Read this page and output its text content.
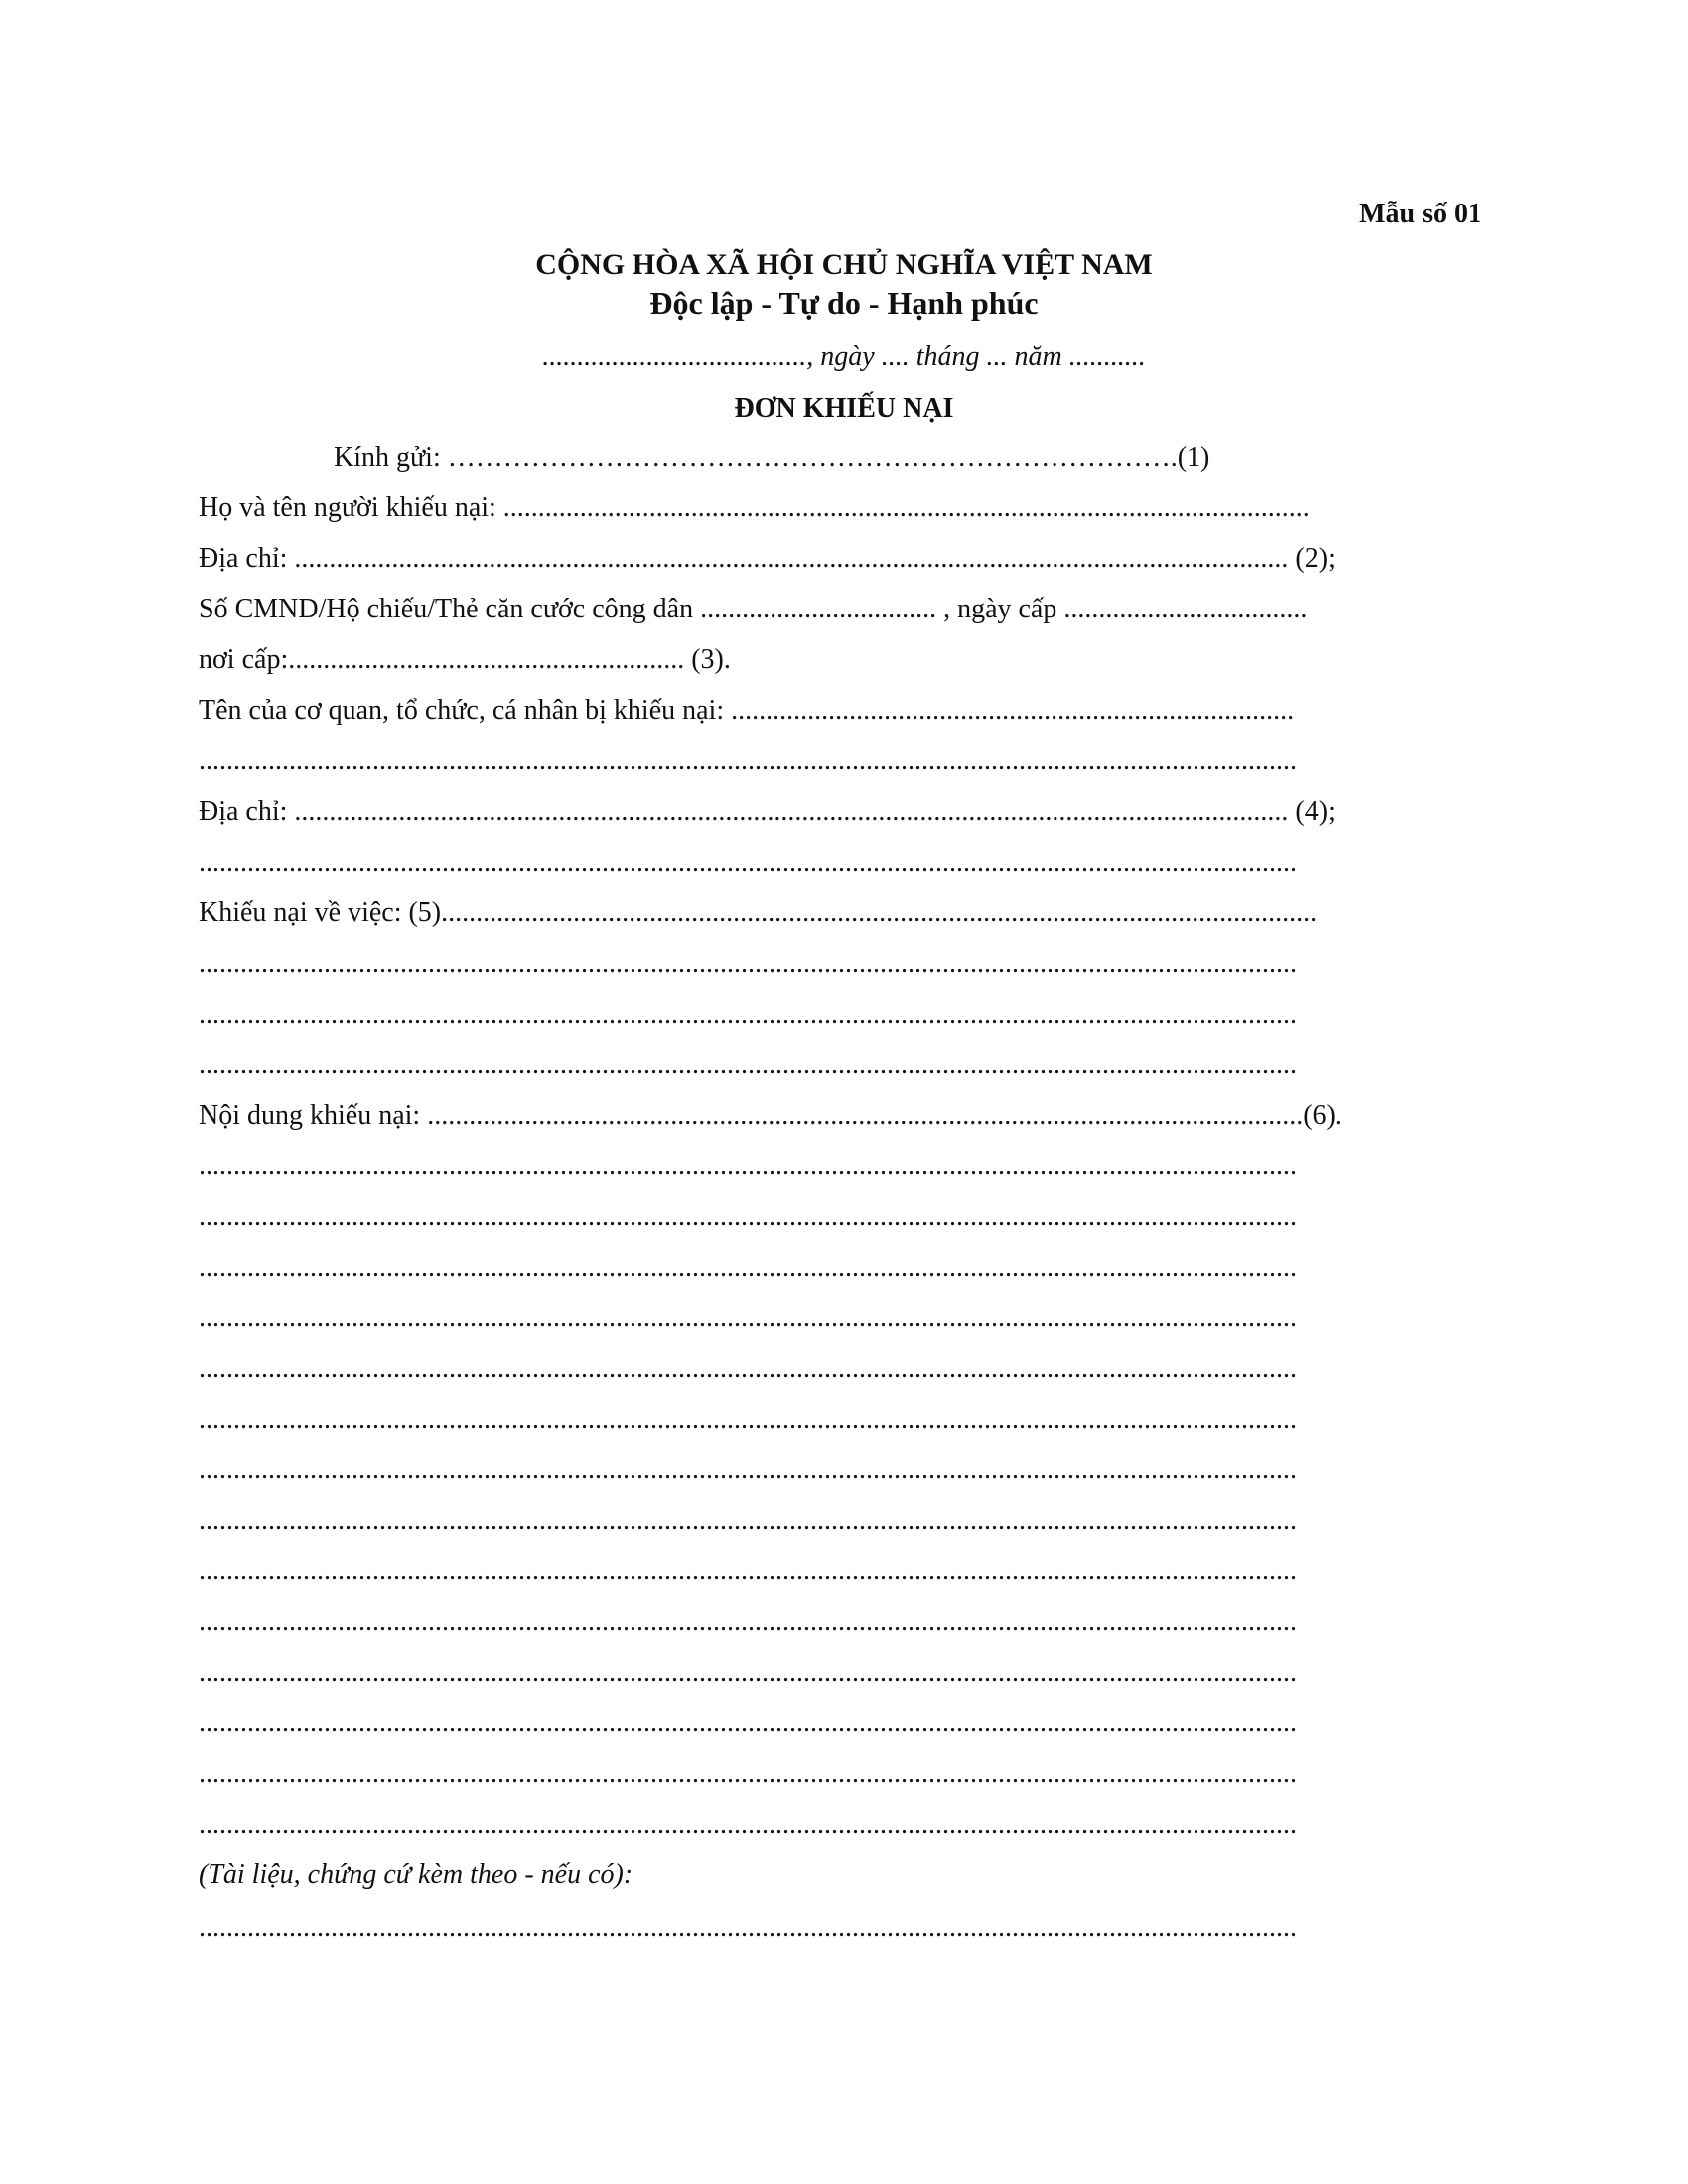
Mẫu số 01
CỘNG HÒA XÃ HỘI CHỦ NGHĨA VIỆT NAM
Độc lập - Tự do - Hạnh phúc
......................................, ngày .... tháng ... năm ...........
ĐƠN KHIẾU NẠI
Kính gửi: …………………………………………………………………….(1)
Họ và tên người khiếu nại: ....................................................................................................................
Địa chỉ: ............................................................................................................................................... (2);
Số CMND/Hộ chiếu/Thẻ căn cước công dân .................................. , ngày cấp ...................................
nơi cấp:......................................................... (3).
Tên của cơ quan, tổ chức, cá nhân bị khiếu nại: .................................................................................
..............................................................................................................................................................
Địa chỉ: ............................................................................................................................................... (4);
..............................................................................................................................................................
Khiếu nại về việc: (5)..............................................................................................................................
..............................................................................................................................................................
..............................................................................................................................................................
..............................................................................................................................................................
Nội dung khiếu nại: ..............................................................................................................................(6).
..............................................................................................................................................................
..............................................................................................................................................................
..............................................................................................................................................................
..............................................................................................................................................................
..............................................................................................................................................................
..............................................................................................................................................................
..............................................................................................................................................................
..............................................................................................................................................................
..............................................................................................................................................................
..............................................................................................................................................................
..............................................................................................................................................................
..............................................................................................................................................................
..............................................................................................................................................................
..............................................................................................................................................................
(Tài liệu, chứng cứ kèm theo - nếu có):
..............................................................................................................................................................
